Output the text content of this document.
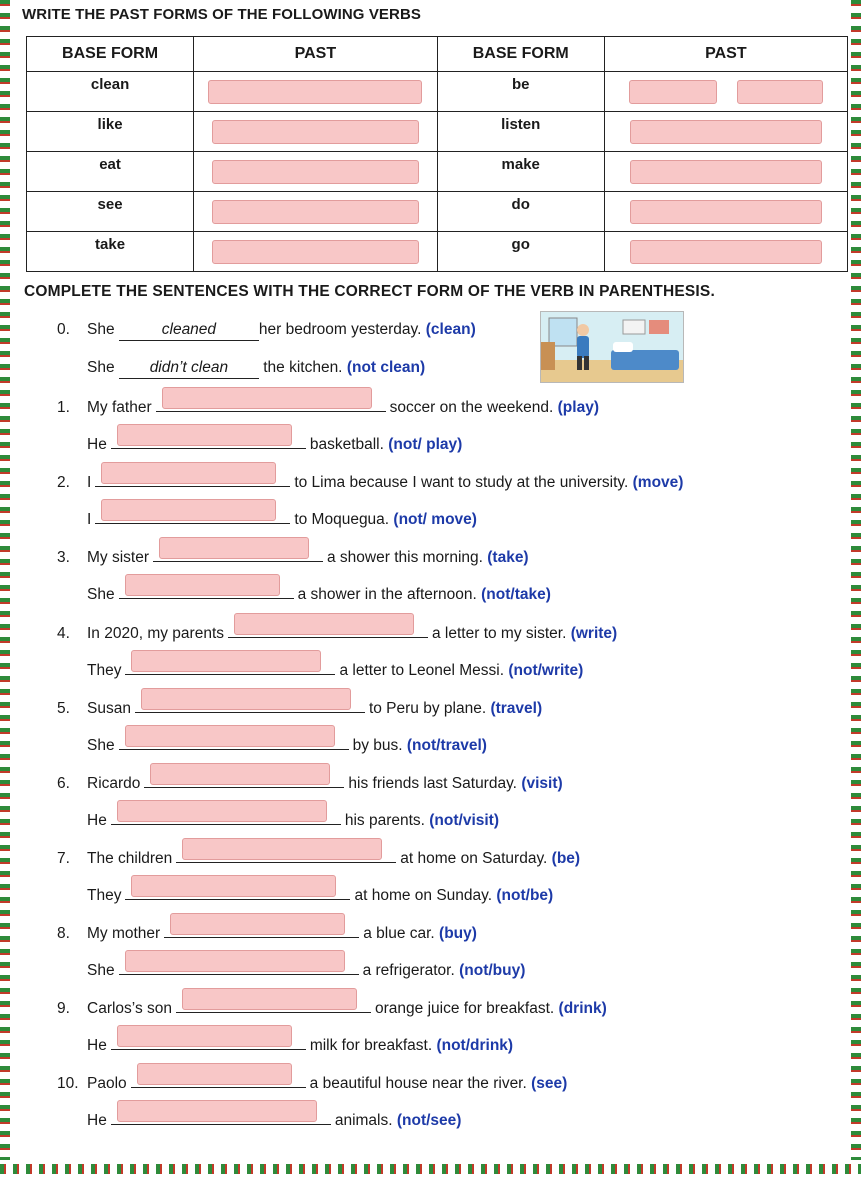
WRITE THE PAST FORMS OF THE FOLLOWING VERBS
BASE FORM	PAST	BASE FORM	PAST
clean		be	
like		listen	
eat		make	
see		do	
take		go	
COMPLETE THE SENTENCES WITH THE CORRECT FORM OF THE VERB IN PARENTHESIS.
0. She	cleaned	her bedroom yesterday. (clean)
She didn’t clean the kitchen. (not clean)
1. My father	soccer on the weekend. (play)
He	basketball. (not/ play)
2. I	to Lima because I want to study at the university. (move)
I	to Moquegua. (not/ move)
3. My sister	a shower this morning. (take)
She	a shower in the afternoon. (not/take)
4. In 2020, my parents	a letter to my sister. (write)
They	a letter to Leonel Messi. (not/write)
5. Susan	to Peru by plane. (travel)
She	by bus. (not/travel)
6. Ricardo	his friends last Saturday. (visit)
He	his parents. (not/visit)
7. The children	at home on Saturday. (be)
They	at home on Sunday. (not/be)
8. My mother	a blue car. (buy)
She	a refrigerator. (not/buy)
9. Carlos’s son	orange juice for breakfast. (drink)
He	milk for breakfast. (not/drink)
10. Paolo	a beautiful house near the river. (see)
He	animals. (not/see)
